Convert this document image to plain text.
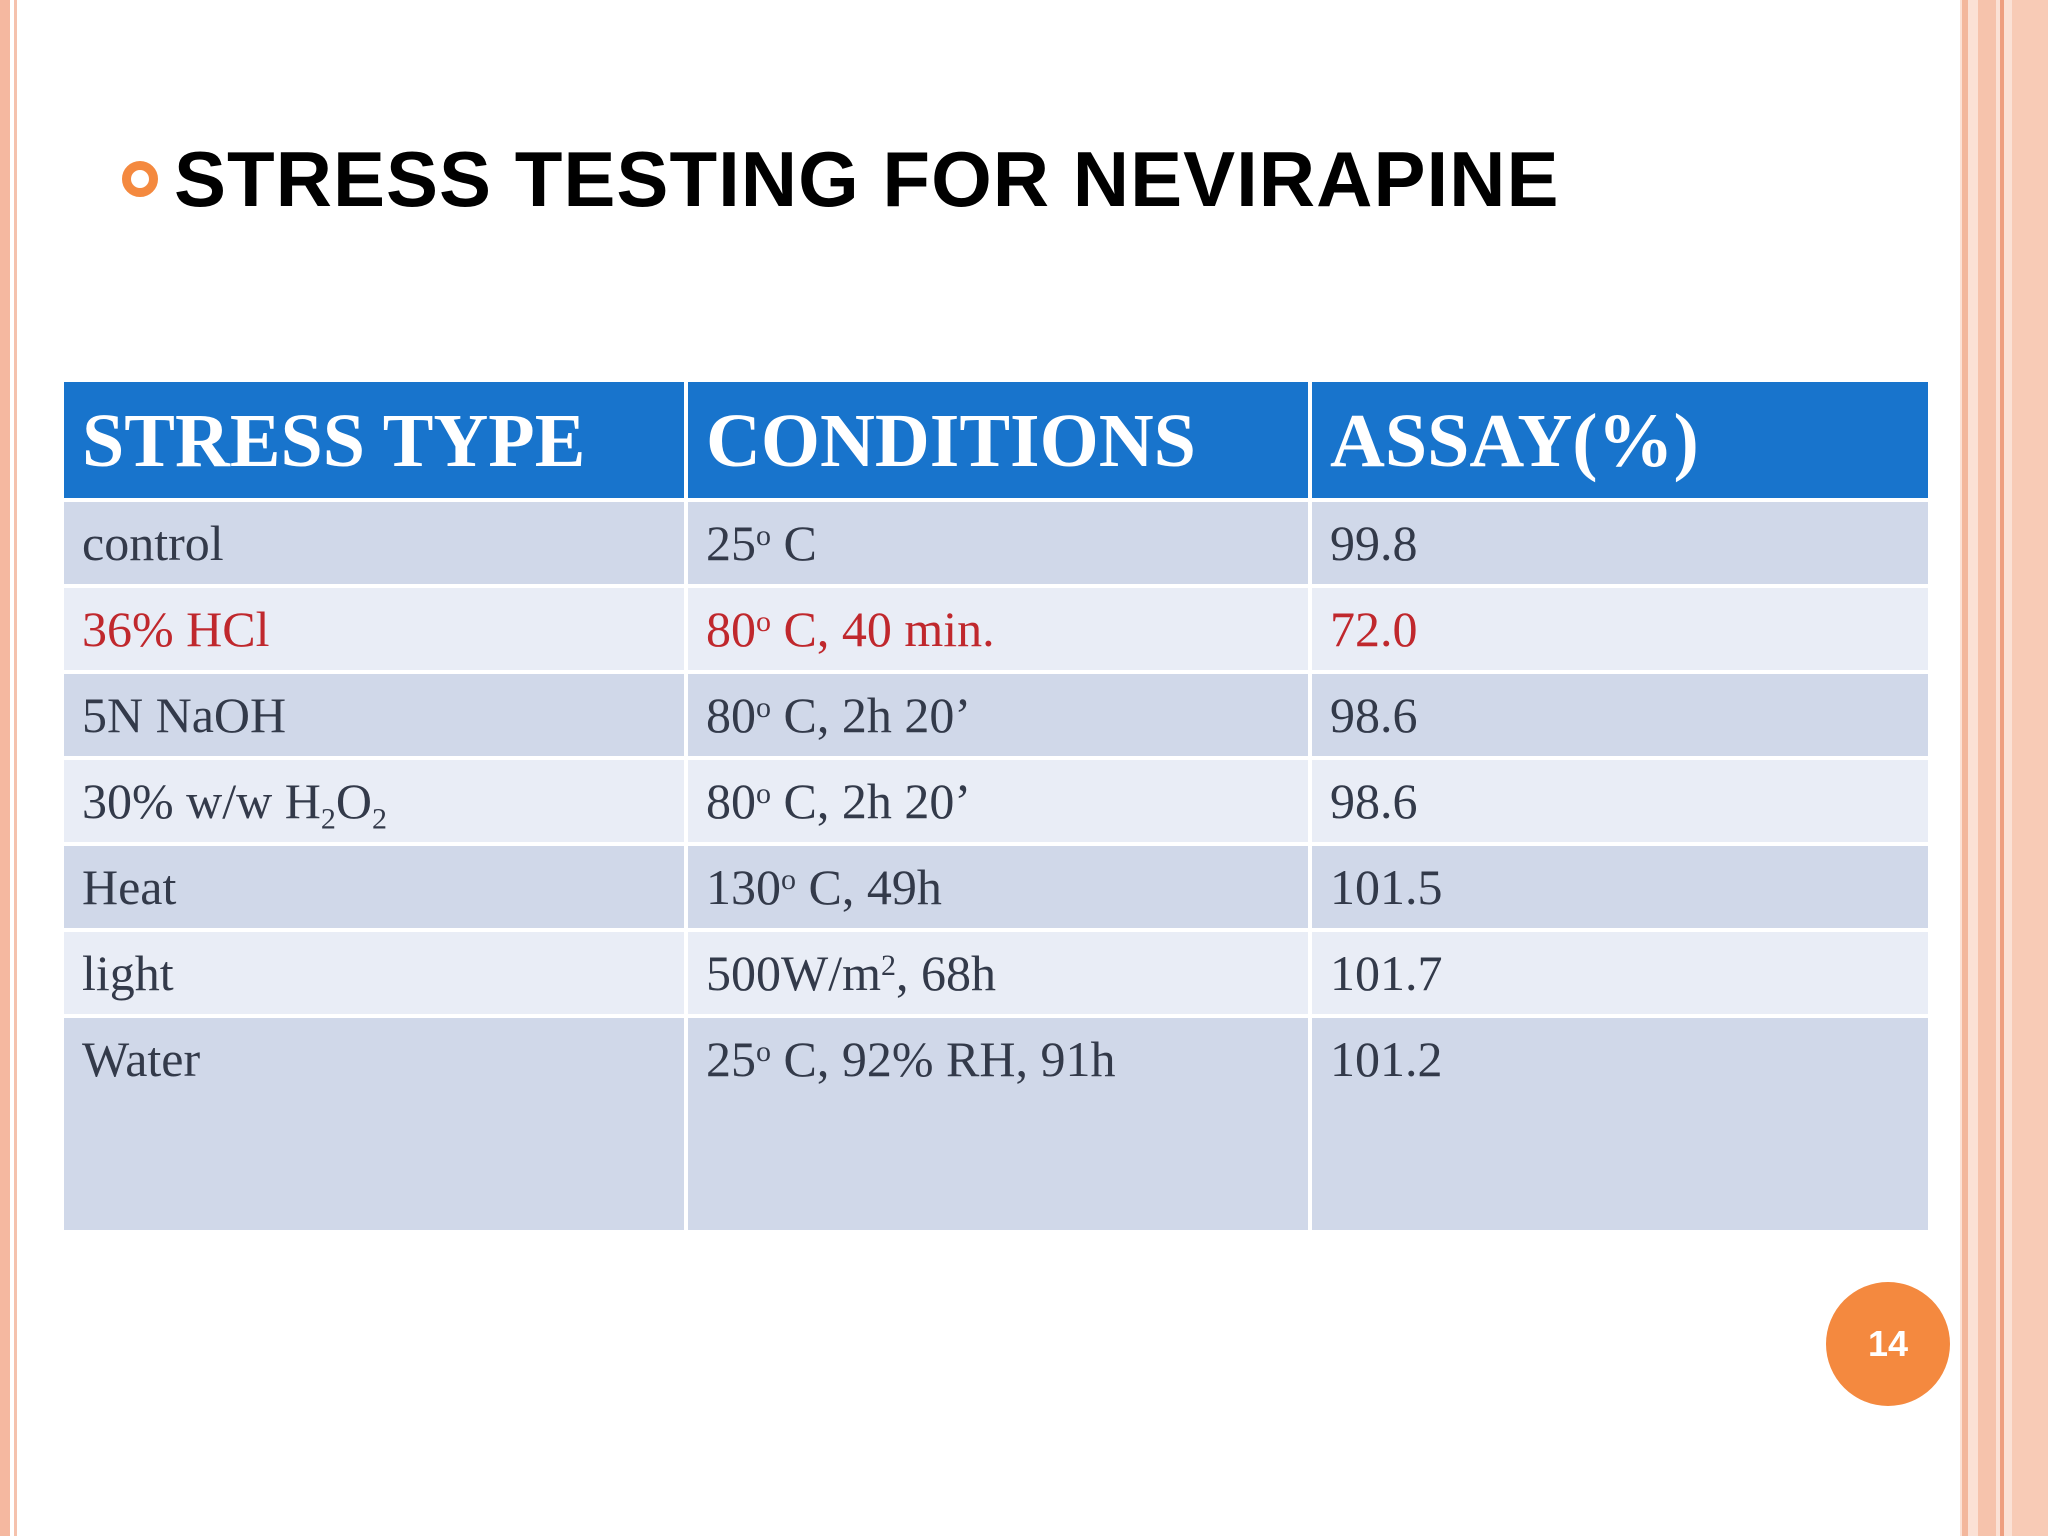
STRESS TESTING FOR NEVIRAPINE
STRESS TYPE	CONDITIONS	ASSAY(%)
control	25$^o$ C	99.8
36% HCl	80$^o$ C, 40 min.	72.0
5N NaOH	80$^o$ C, 2h 20’	98.6
30% w/w $H_2O_2$	80$^o$ C, 2h 20’	98.6
Heat	130$^o$ C, 49h	101.5
light	$500W/m^2$, 68h	101.7
Water	25$^o$ C, 92% RH, 91h	101.2
14
